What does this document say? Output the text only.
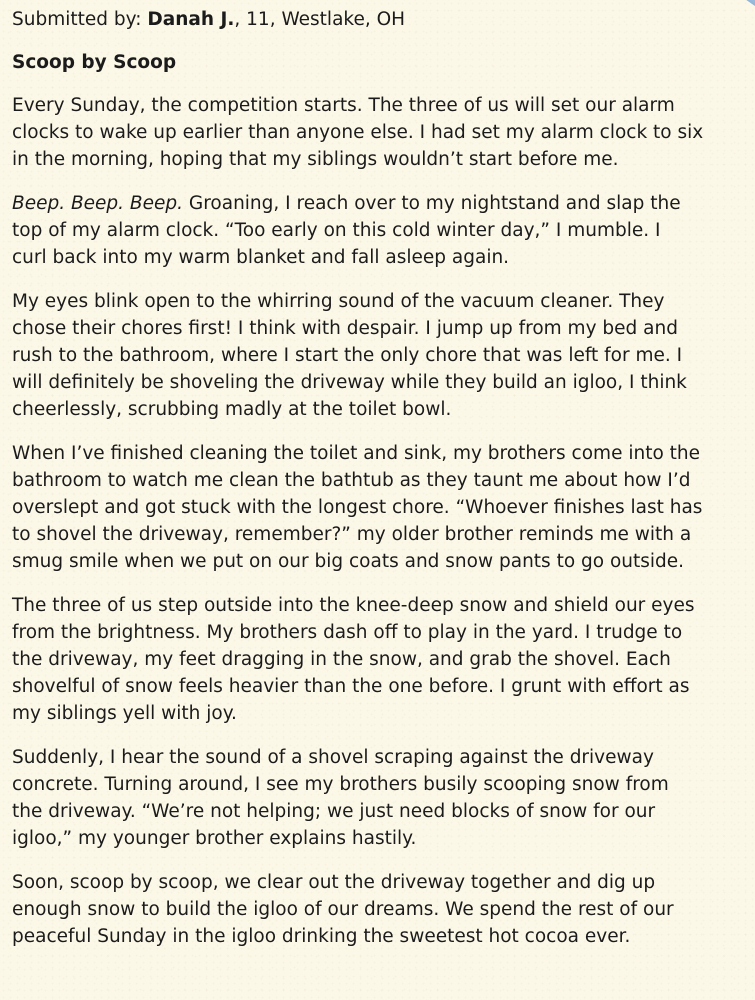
Submitted by: Danah J., 11, Westlake, OH

Scoop by Scoop

Every Sunday, the competition starts. The three of us will set our alarm
clocks to wake up earlier than anyone else. I had set my alarm clock to six
in the morning, hoping that my siblings wouldn’t start before me.

Beep. Beep. Beep. Groaning, I reach over to my nightstand and slap the
top of my alarm clock. “Too early on this cold winter day,” I mumble. I
curl back into my warm blanket and fall asleep again.

My eyes blink open to the whirring sound of the vacuum cleaner. They
chose their chores first! I think with despair. I jump up from my bed and
rush to the bathroom, where I start the only chore that was left for me. I
will definitely be shoveling the driveway while they build an igloo, I think
cheerlessly, scrubbing madly at the toilet bowl.

When I’ve finished cleaning the toilet and sink, my brothers come into the
bathroom to watch me clean the bathtub as they taunt me about how I’d
overslept and got stuck with the longest chore. “Whoever finishes last has
to shovel the driveway, remember?” my older brother reminds me with a
smug smile when we put on our big coats and snow pants to go outside.

The three of us step outside into the knee-deep snow and shield our eyes
from the brightness. My brothers dash off to play in the yard. I trudge to
the driveway, my feet dragging in the snow, and grab the shovel. Each
shovelful of snow feels heavier than the one before. I grunt with effort as
my siblings yell with joy.

Suddenly, I hear the sound of a shovel scraping against the driveway
concrete. Turning around, I see my brothers busily scooping snow from
the driveway. “We’re not helping; we just need blocks of snow for our
igloo,” my younger brother explains hastily.

Soon, scoop by scoop, we clear out the driveway together and dig up
enough snow to build the igloo of our dreams. We spend the rest of our
peaceful Sunday in the igloo drinking the sweetest hot cocoa ever.
